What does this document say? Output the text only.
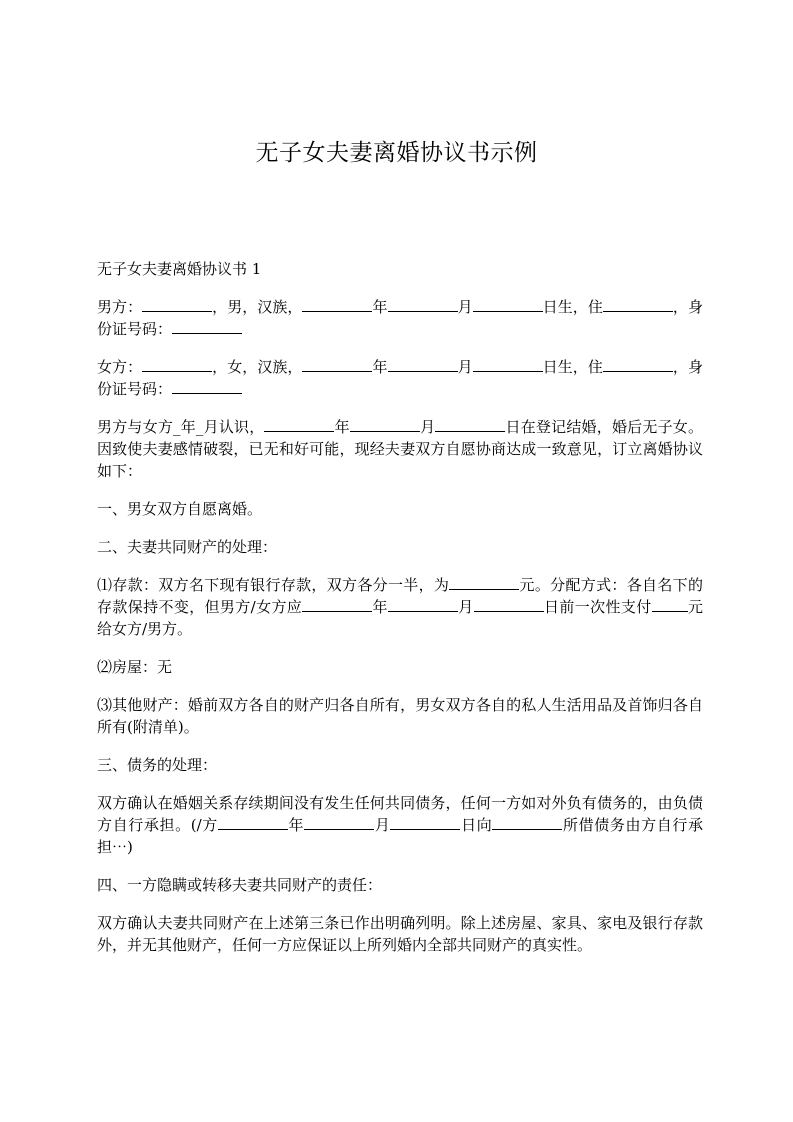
无子女夫妻离婚协议书示例

无子女夫妻离婚协议书 1

男方：	，男，汉族，	年	月	日生，住	，身份证号码：

女方：	，女，汉族，	年	月	日生，住	，身份证号码：

男方与女方_年_月认识，	年	月	日在登记结婚，婚后无子女。因致使夫妻感情破裂，已无和好可能，现经夫妻双方自愿协商达成一致意见，订立离婚协议如下：

一、男女双方自愿离婚。

二、夫妻共同财产的处理：

⑴存款：双方名下现有银行存款，双方各分一半，为	元。分配方式：各自名下的存款保持不变，但男方/女方应	年	月	日前一次性支付 元给女方/男方。

⑵房屋：无

⑶其他财产：婚前双方各自的财产归各自所有，男女双方各自的私人生活用品及首饰归各自所有(附清单)。

三、债务的处理：

双方确认在婚姻关系存续期间没有发生任何共同债务，任何一方如对外负有债务的，由负债方自行承担。(/方	年	月	日向	所借债务由方自行承担⋯)

四、一方隐瞒或转移夫妻共同财产的责任：

双方确认夫妻共同财产在上述第三条已作出明确列明。除上述房屋、家具、家电及银行存款外，并无其他财产，任何一方应保证以上所列婚内全部共同财产的真实性。
